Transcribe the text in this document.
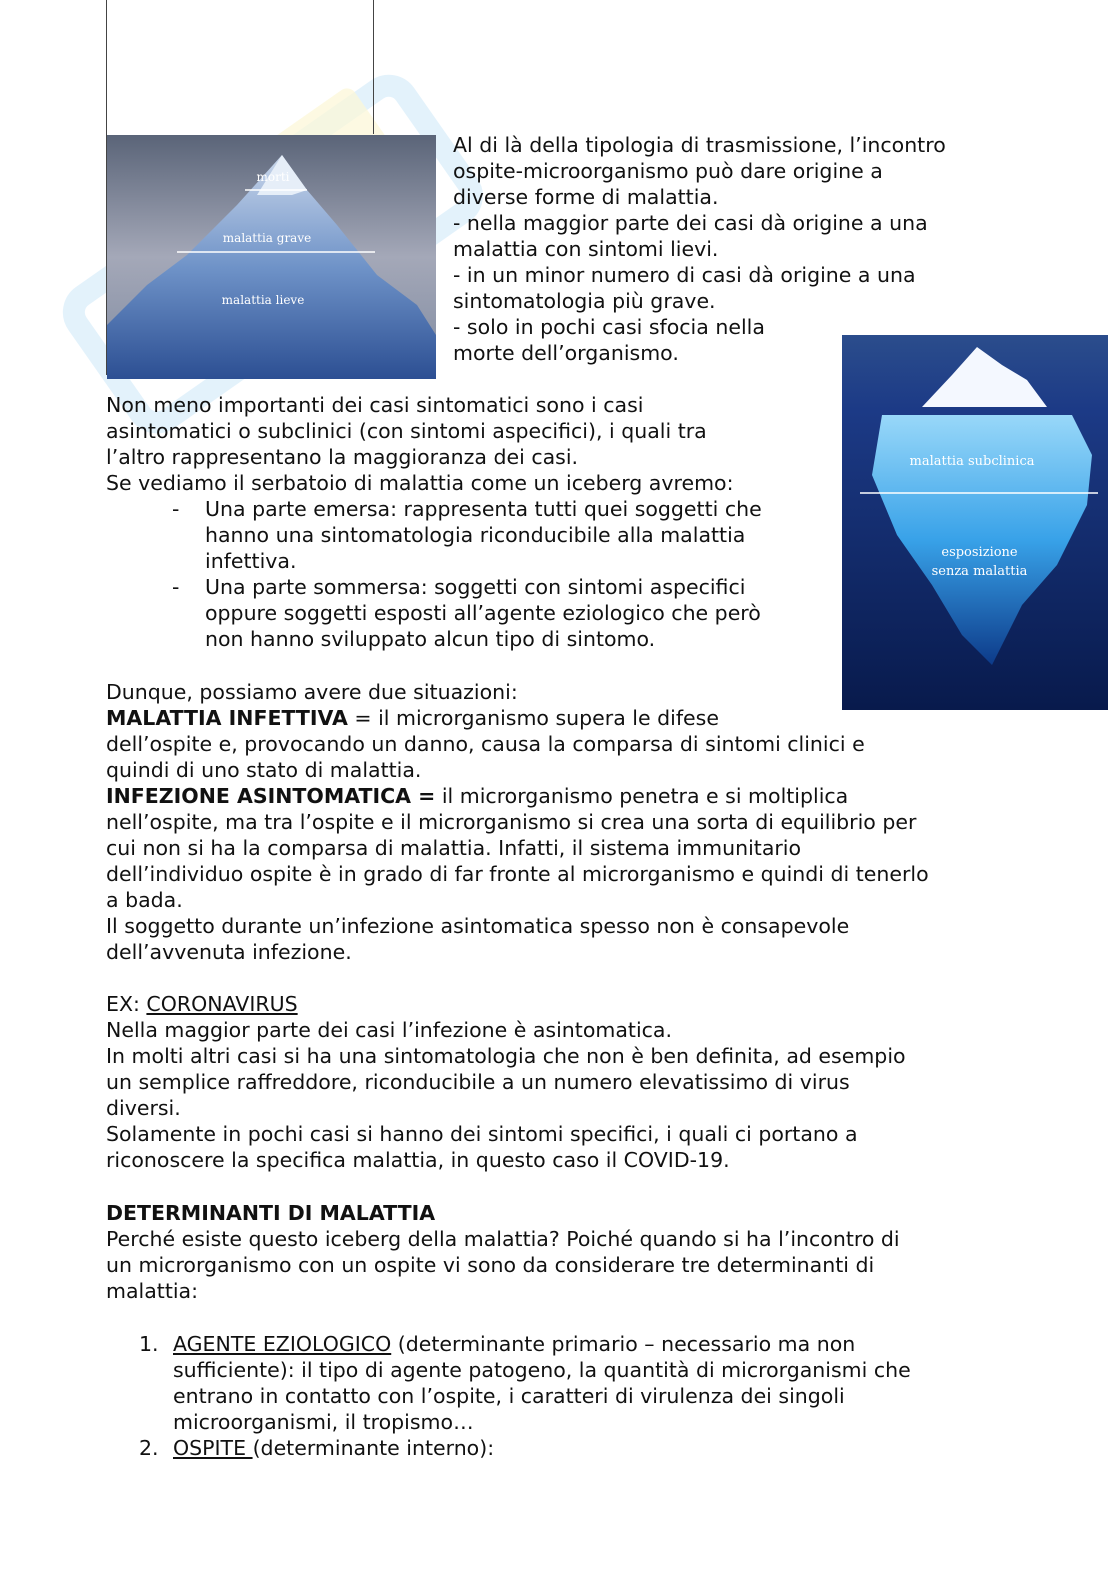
morti
malattia grave
malattia lieve
malattia subclinica
esposizione
senza malattia
Al di là della tipologia di trasmissione, l’incontro
ospite-microorganismo può dare origine a
diverse forme di malattia.
- nella maggior parte dei casi dà origine a una
malattia con sintomi lievi.
- in un minor numero di casi dà origine a una
sintomatologia più grave.
- solo in pochi casi sfocia nella
morte dell’organismo.
Non meno importanti dei casi sintomatici sono i casi
asintomatici o subclinici (con sintomi aspecifici), i quali tra
l’altro rappresentano la maggioranza dei casi.
Se vediamo il serbatoio di malattia come un iceberg avremo:
- Una parte emersa: rappresenta tutti quei soggetti che
hanno una sintomatologia riconducibile alla malattia
infettiva.
- Una parte sommersa: soggetti con sintomi aspecifici
oppure soggetti esposti all’agente eziologico che però
non hanno sviluppato alcun tipo di sintomo.
Dunque, possiamo avere due situazioni:
MALATTIA INFETTIVA = il microrganismo supera le difese
dell’ospite e, provocando un danno, causa la comparsa di sintomi clinici e
quindi di uno stato di malattia.
INFEZIONE ASINTOMATICA = il microrganismo penetra e si moltiplica
nell’ospite, ma tra l’ospite e il microrganismo si crea una sorta di equilibrio per
cui non si ha la comparsa di malattia. Infatti, il sistema immunitario
dell’individuo ospite è in grado di far fronte al microrganismo e quindi di tenerlo
a bada.
Il soggetto durante un’infezione asintomatica spesso non è consapevole
dell’avvenuta infezione.
EX: CORONAVIRUS
Nella maggior parte dei casi l’infezione è asintomatica.
In molti altri casi si ha una sintomatologia che non è ben definita, ad esempio
un semplice raffreddore, riconducibile a un numero elevatissimo di virus
diversi.
Solamente in pochi casi si hanno dei sintomi specifici, i quali ci portano a
riconoscere la specifica malattia, in questo caso il COVID-19.
DETERMINANTI DI MALATTIA
Perché esiste questo iceberg della malattia? Poiché quando si ha l’incontro di
un microrganismo con un ospite vi sono da considerare tre determinanti di
malattia:
1. AGENTE EZIOLOGICO (determinante primario – necessario ma non
sufficiente): il tipo di agente patogeno, la quantità di microrganismi che
entrano in contatto con l’ospite, i caratteri di virulenza dei singoli
microorganismi, il tropismo…
2. OSPITE (determinante interno):
